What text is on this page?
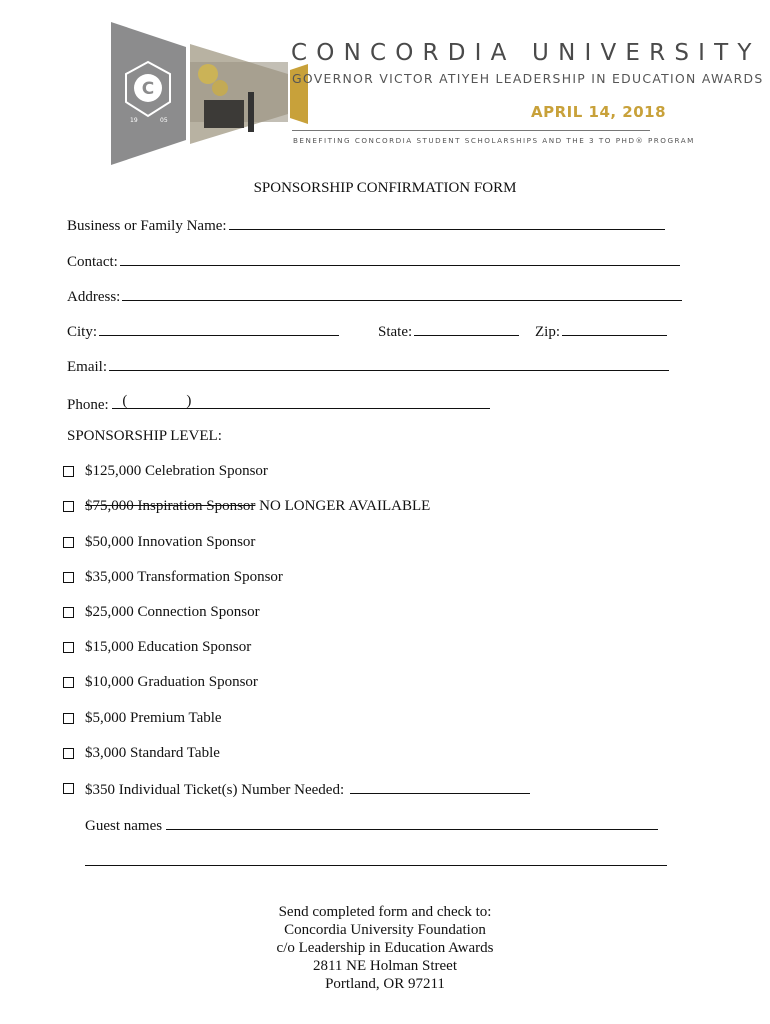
C
19	05
CONCORDIA UNIVERSITY
GOVERNOR VICTOR ATIYEH LEADERSHIP IN EDUCATION AWARDS
APRIL 14, 2018
BENEFITING CONCORDIA STUDENT SCHOLARSHIPS AND THE 3 TO PHD® PROGRAM
SPONSORSHIP CONFIRMATION FORM
Business or Family Name:
Contact:
Address:
City:	State:	Zip:
Email:
Phone: (	)
SPONSORSHIP LEVEL:
$125,000 Celebration Sponsor
$75,000 Inspiration Sponsor NO LONGER AVAILABLE
$50,000 Innovation Sponsor
$35,000 Transformation Sponsor
$25,000 Connection Sponsor
$15,000 Education Sponsor
$10,000 Graduation Sponsor
$5,000 Premium Table
$3,000 Standard Table
$350 Individual Ticket(s) Number Needed:
Guest names
Send completed form and check to:
Concordia University Foundation
c/o Leadership in Education Awards
2811 NE Holman Street
Portland, OR 97211
